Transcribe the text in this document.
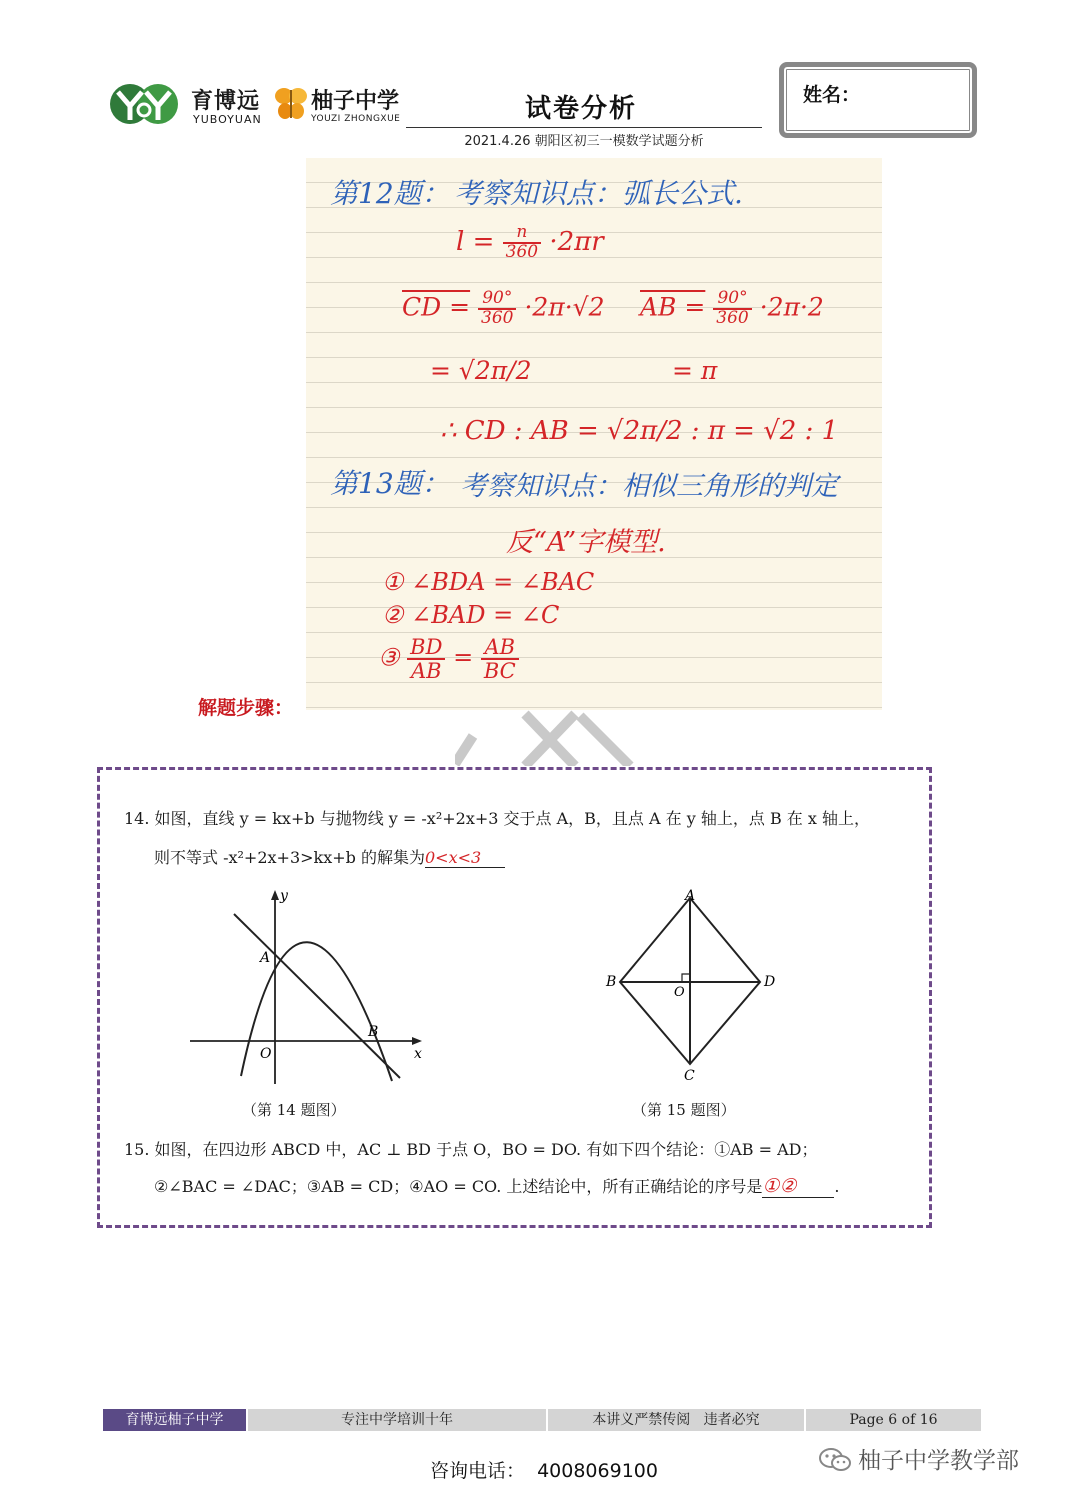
育博远
YUBOYUAN
柚子中学
YOUZI ZHONGXUE	试卷分析
2021.4.26 朝阳区初三一模数学试题分析
姓名：
第12题： 考察知识点：弧长公式.
$l = \frac{n}{360} \cdot 2\pi r$
CD = $\frac{90^\circ}{360} \cdot 2\pi\cdot√2$ AB = $\frac{90^\circ}{360} \cdot 2\pi\cdot 2$
= √2π/2	= π
∴ CD : AB = √2π/2 : π = √2 : 1
第13题： 考察知识点：相似三角形的判定
反“A”字模型.
① ∠BDA = ∠BAC
② ∠BAD = ∠C
③ $\frac{BD}{AB} = \frac{AB}{BC}$
解题步骤：
14. 如图，直线 y = kx+b 与抛物线 y = -x²+2x+3 交于点 A，B，且点 A 在 y 轴上，点 B 在 x 轴上，
则不等式 -x²+2x+3>kx+b 的解集为0<x<3
y
x
A
B
O
（第 14 题图）
A
B	D
C
O
（第 15 题图）
15. 如图，在四边形 ABCD 中，AC ⊥ BD 于点 O，BO = DO. 有如下四个结论：①AB = AD；
②∠BAC = ∠DAC；③AB = CD；④AO = CO. 上述结论中，所有正确结论的序号是①② .
育博远柚子中学	专注中学培训十年	本讲义严禁传阅   违者必究	Page 6 of 16
咨询电话：  4008069100	柚子中学教学部
